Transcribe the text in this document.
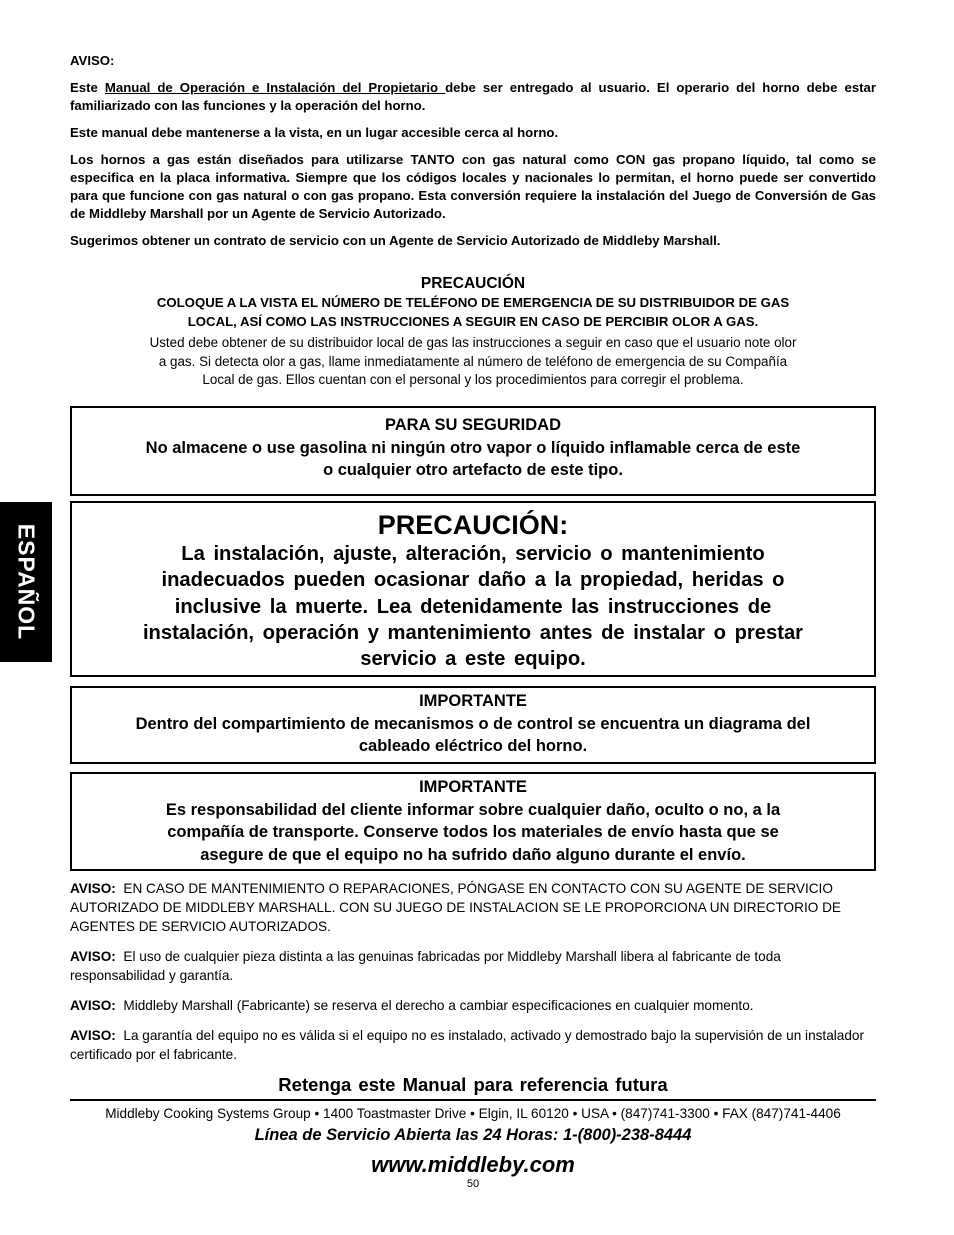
ESPAÑOL

AVISO:

Este Manual de Operación e Instalación del Propietario debe ser entregado al usuario. El operario del horno debe estar familiarizado con las funciones y la operación del horno.

Este manual debe mantenerse a la vista, en un lugar accesible cerca al horno.

Los hornos a gas están diseñados para utilizarse TANTO con gas natural como CON gas propano líquido, tal como se especifica en la placa informativa. Siempre que los códigos locales y nacionales lo permitan, el horno puede ser convertido para que funcione con gas natural o con gas propano. Esta conversión requiere la instalación del Juego de Conversión de Gas de Middleby Marshall por un Agente de Servicio Autorizado.

Sugerimos obtener un contrato de servicio con un Agente de Servicio Autorizado de Middleby Marshall.

PRECAUCIÓN
COLOQUE A LA VISTA EL NÚMERO DE TELÉFONO DE EMERGENCIA DE SU DISTRIBUIDOR DE GAS
LOCAL, ASÍ COMO LAS INSTRUCCIONES A SEGUIR EN CASO DE PERCIBIR OLOR A GAS.
Usted debe obtener de su distribuidor local de gas las instrucciones a seguir en caso que el usuario note olor
a gas. Si detecta olor a gas, llame inmediatamente al número de teléfono de emergencia de su Compañía
Local de gas. Ellos cuentan con el personal y los procedimientos para corregir el problema.
PARA SU SEGURIDAD
No almacene o use gasolina ni ningún otro vapor o líquido inflamable cerca de este
o cualquier otro artefacto de este tipo.
PRECAUCIÓN:
La instalación, ajuste, alteración, servicio o mantenimiento inadecuados pueden ocasionar daño a la propiedad, heridas o inclusive la muerte. Lea detenidamente las instrucciones de instalación, operación y mantenimiento antes de instalar o prestar servicio a este equipo.
IMPORTANTE
Dentro del compartimiento de mecanismos o de control se encuentra un diagrama del
cableado eléctrico del horno.
IMPORTANTE
Es responsabilidad del cliente informar sobre cualquier daño, oculto o no, a la
compañía de transporte. Conserve todos los materiales de envío hasta que se
asegure de que el equipo no ha sufrido daño alguno durante el envío.

AVISO: EN CASO DE MANTENIMIENTO O REPARACIONES, PÓNGASE EN CONTACTO CON SU AGENTE DE SERVICIO AUTORIZADO DE MIDDLEBY MARSHALL. CON SU JUEGO DE INSTALACION SE LE PROPORCIONA UN DIRECTORIO DE AGENTES DE SERVICIO AUTORIZADOS.

AVISO: El uso de cualquier pieza distinta a las genuinas fabricadas por Middleby Marshall libera al fabricante de toda responsabilidad y garantía.

AVISO: Middleby Marshall (Fabricante) se reserva el derecho a cambiar especificaciones en cualquier momento.

AVISO: La garantía del equipo no es válida si el equipo no es instalado, activado y demostrado bajo la supervisión de un instalador certificado por el fabricante.

Retenga este Manual para referencia futura
Middleby Cooking Systems Group • 1400 Toastmaster Drive • Elgin, IL 60120 • USA • (847)741-3300 • FAX (847)741-4406
Línea de Servicio Abierta las 24 Horas: 1-(800)-238-8444
www.middleby.com
50
